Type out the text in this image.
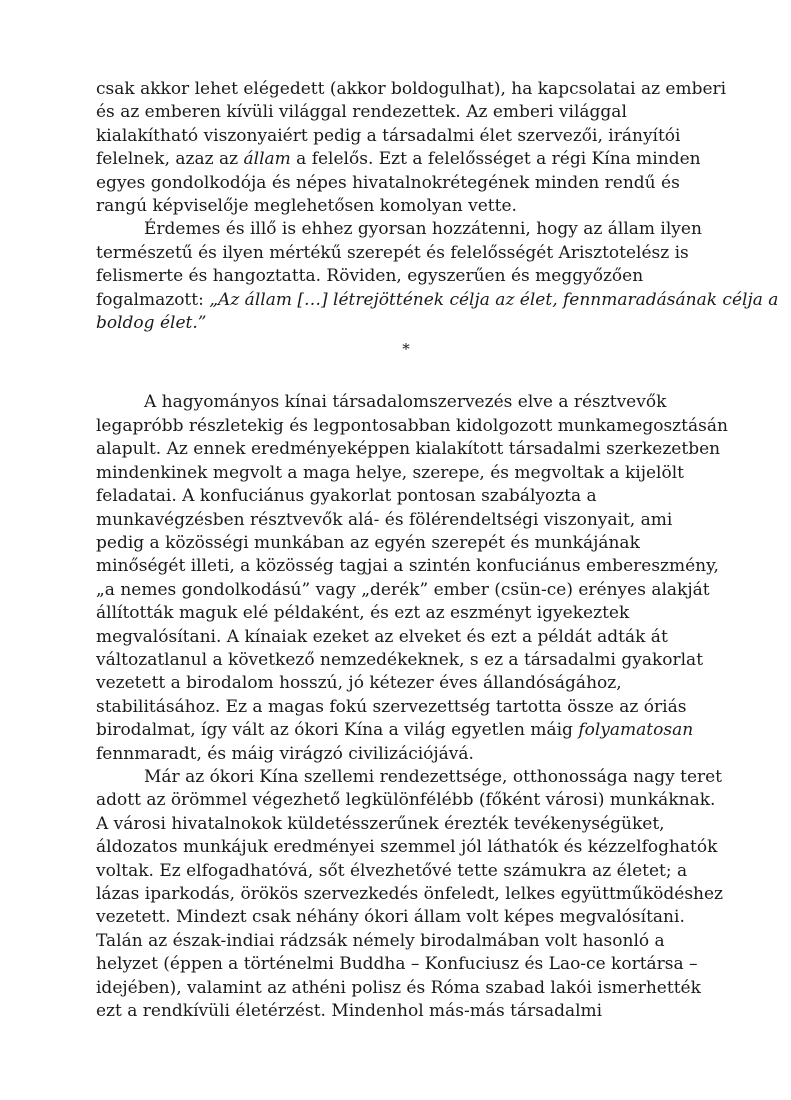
csak akkor lehet elégedett (akkor boldogulhat), ha kapcsolatai az emberi
és az emberen kívüli világgal rendezettek. Az emberi világgal
kialakítható viszonyaiért pedig a társadalmi élet szervezői, irányítói
felelnek, azaz az állam a felelős. Ezt a felelősséget a régi Kína minden
egyes gondolkodója és népes hivatalnokrétegének minden rendű és
rangú képviselője meglehetősen komolyan vette.
Érdemes és illő is ehhez gyorsan hozzátenni, hogy az állam ilyen
természetű és ilyen mértékű szerepét és felelősségét Arisztotelész is
felismerte és hangoztatta. Röviden, egyszerűen és meggyőzően
fogalmazott: „Az állam […] létrejöttének célja az élet, fennmaradásának célja a
boldog élet.”
*
A hagyományos kínai társadalomszervezés elve a résztvevők
legapróbb részletekig és legpontosabban kidolgozott munkamegosztásán
alapult. Az ennek eredményeképpen kialakított társadalmi szerkezetben
mindenkinek megvolt a maga helye, szerepe, és megvoltak a kijelölt
feladatai. A konfuciánus gyakorlat pontosan szabályozta a
munkavégzésben résztvevők alá- és fölérendeltségi viszonyait, ami
pedig a közösségi munkában az egyén szerepét és munkájának
minőségét illeti, a közösség tagjai a szintén konfuciánus embereszmény,
„a nemes gondolkodású” vagy „derék” ember (csün-ce) erényes alakját
állították maguk elé példaként, és ezt az eszményt igyekeztek
megvalósítani. A kínaiak ezeket az elveket és ezt a példát adták át
változatlanul a következő nemzedékeknek, s ez a társadalmi gyakorlat
vezetett a birodalom hosszú, jó kétezer éves állandóságához,
stabilitásához. Ez a magas fokú szervezettség tartotta össze az óriás
birodalmat, így vált az ókori Kína a világ egyetlen máig folyamatosan
fennmaradt, és máig virágzó civilizációjává.
Már az ókori Kína szellemi rendezettsége, otthonossága nagy teret
adott az örömmel végezhető legkülönfélébb (főként városi) munkáknak.
A városi hivatalnokok küldetésszerűnek érezték tevékenységüket,
áldozatos munkájuk eredményei szemmel jól láthatók és kézzelfoghatók
voltak. Ez elfogadhatóvá, sőt élvezhetővé tette számukra az életet; a
lázas iparkodás, örökös szervezkedés önfeledt, lelkes együttműködéshez
vezetett. Mindezt csak néhány ókori állam volt képes megvalósítani.
Talán az észak-indiai rádzsák némely birodalmában volt hasonló a
helyzet (éppen a történelmi Buddha – Konfuciusz és Lao-ce kortársa –
idejében), valamint az athéni polisz és Róma szabad lakói ismerhették
ezt a rendkívüli életérzést. Mindenhol más-más társadalmi
